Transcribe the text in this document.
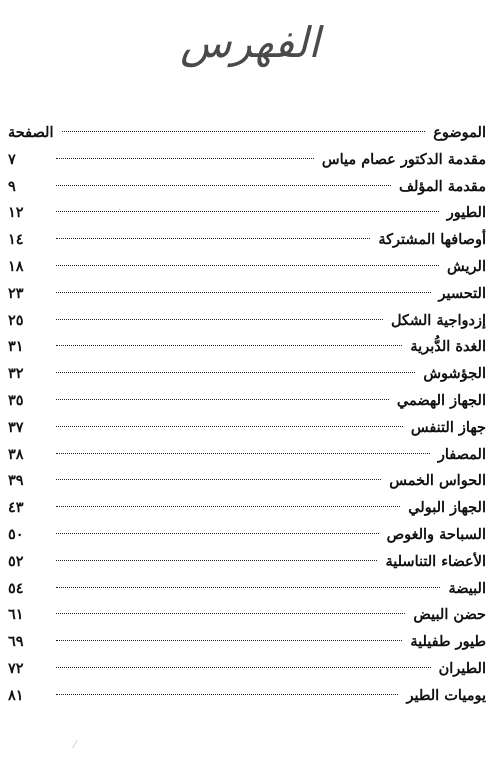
الفهرس
الموضوع
الصفحة
مقدمة الدكتور عصام مياس
٧
مقدمة المؤلف
٩
الطيور
١٢
أوصافها المشتركة
١٤
الريش
١٨
التحسير
٢٣
إزدواجية الشكل
٢٥
الغدة الدُّبرية
٣١
الجؤشوش
٣٢
الجهاز الهضمي
٣٥
جهاز التنفس
٣٧
المصفار
٣٨
الحواس الخمس
٣٩
الجهاز البولي
٤٣
السباحة والغوص
٥٠
الأعضاء التناسلية
٥٢
البيضة
٥٤
حضن البيض
٦١
طيور طفيلية
٦٩
الطيران
٧٢
يوميات الطير
٨١
·
⁄
